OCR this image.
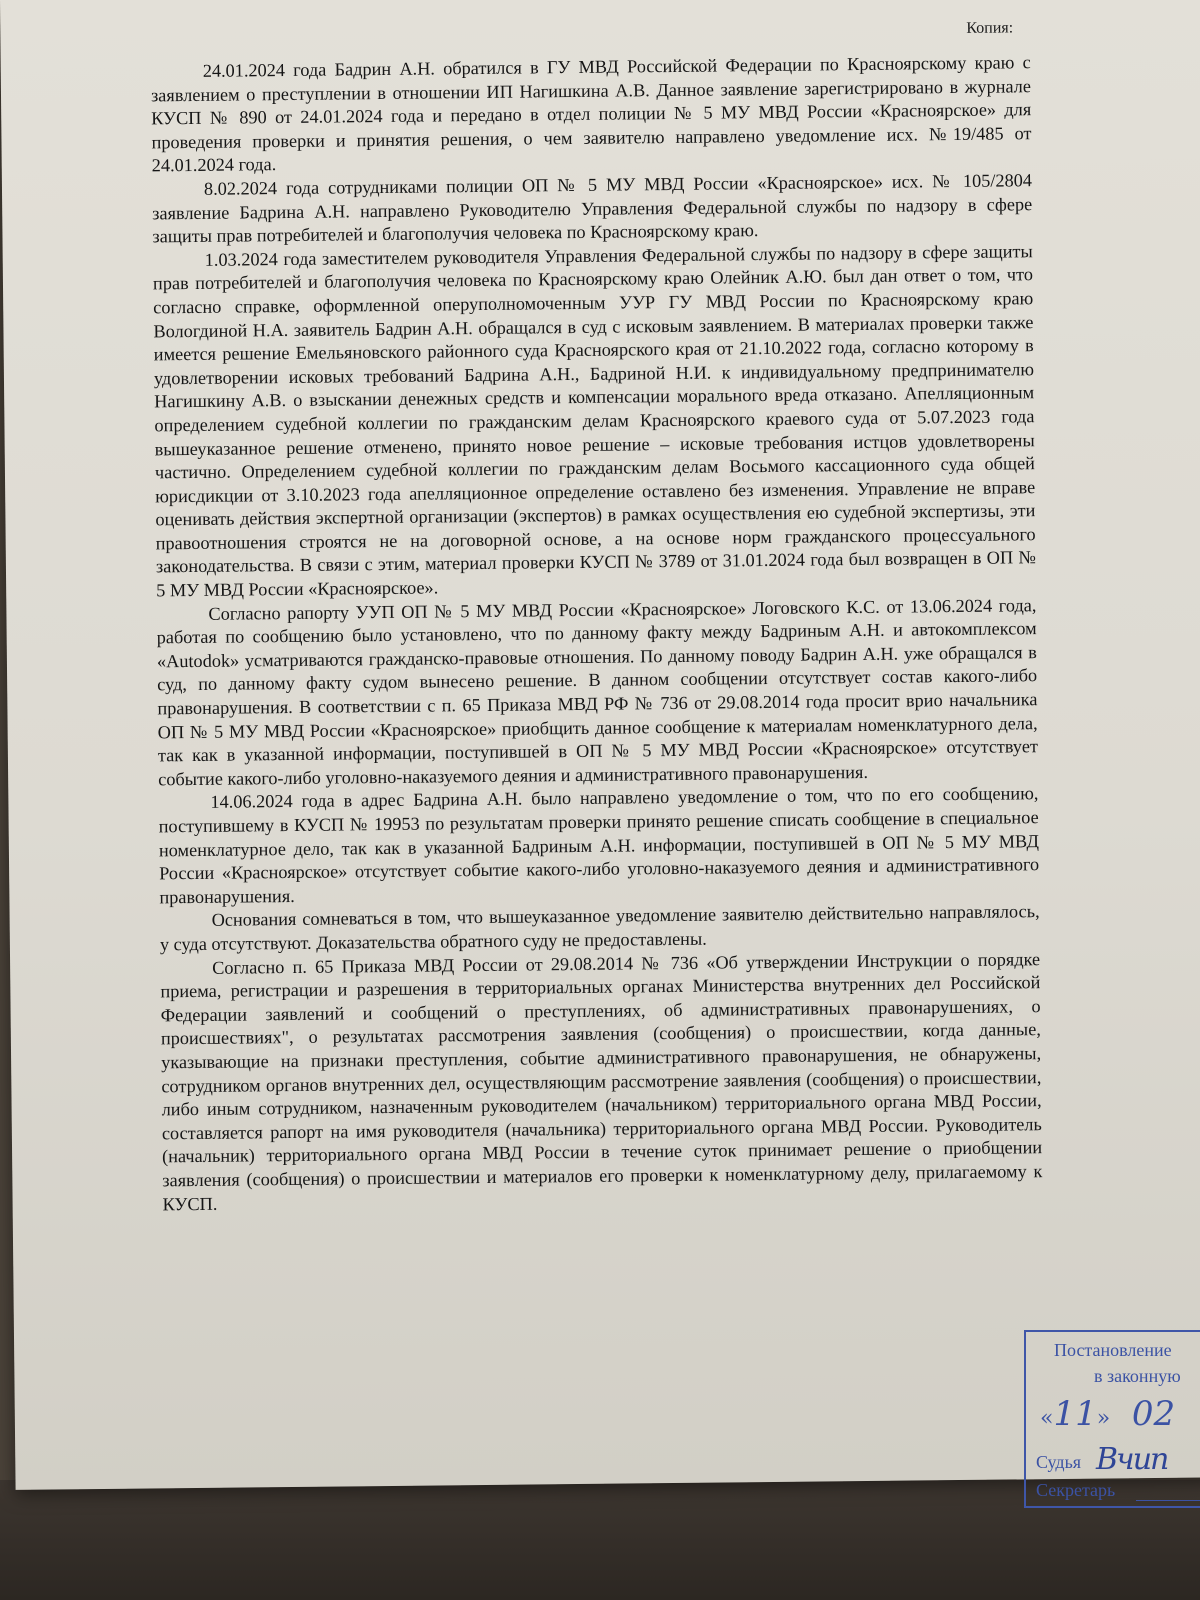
Копия:

24.01.2024 года Бадрин А.Н. обратился в ГУ МВД Российской Федерации по Красноярскому краю с заявлением о преступлении в отношении ИП Нагишкина А.В. Данное заявление зарегистрировано в журнале КУСП № 890 от 24.01.2024 года и передано в отдел полиции № 5 МУ МВД России «Красноярское» для проведения проверки и принятия решения, о чем заявителю направлено уведомление исх. №19/485 от 24.01.2024 года.

8.02.2024 года сотрудниками полиции ОП № 5 МУ МВД России «Красноярское» исх. № 105/2804 заявление Бадрина А.Н. направлено Руководителю Управления Федеральной службы по надзору в сфере защиты прав потребителей и благополучия человека по Красноярскому краю.

1.03.2024 года заместителем руководителя Управления Федеральной службы по надзору в сфере защиты прав потребителей и благополучия человека по Красноярскому краю Олейник А.Ю. был дан ответ о том, что согласно справке, оформленной оперуполномоченным УУР ГУ МВД России по Красноярскому краю Вологдиной Н.А. заявитель Бадрин А.Н. обращался в суд с исковым заявлением. В материалах проверки также имеется решение Емельяновского районного суда Красноярского края от 21.10.2022 года, согласно которому в удовлетворении исковых требований Бадрина А.Н., Бадриной Н.И. к индивидуальному предпринимателю Нагишкину А.В. о взыскании денежных средств и компенсации морального вреда отказано. Апелляционным определением судебной коллегии по гражданским делам Красноярского краевого суда от 5.07.2023 года вышеуказанное решение отменено, принято новое решение – исковые требования истцов удовлетворены частично. Определением судебной коллегии по гражданским делам Восьмого кассационного суда общей юрисдикции от 3.10.2023 года апелляционное определение оставлено без изменения. Управление не вправе оценивать действия экспертной организации (экспертов) в рамках осуществления ею судебной экспертизы, эти правоотношения строятся не на договорной основе, а на основе норм гражданского процессуального законодательства. В связи с этим, материал проверки КУСП № 3789 от 31.01.2024 года был возвращен в ОП № 5 МУ МВД России «Красноярское».

Согласно рапорту УУП ОП № 5 МУ МВД России «Красноярское» Логовского К.С. от 13.06.2024 года, работая по сообщению было установлено, что по данному факту между Бадриным А.Н. и автокомплексом «Autodok» усматриваются гражданско-правовые отношения. По данному поводу Бадрин А.Н. уже обращался в суд, по данному факту судом вынесено решение. В данном сообщении отсутствует состав какого-либо правонарушения. В соответствии с п. 65 Приказа МВД РФ № 736 от 29.08.2014 года просит врио начальника ОП № 5 МУ МВД России «Красноярское» приобщить данное сообщение к материалам номенклатурного дела, так как в указанной информации, поступившей в ОП № 5 МУ МВД России «Красноярское» отсутствует событие какого-либо уголовно-наказуемого деяния и административного правонарушения.

14.06.2024 года в адрес Бадрина А.Н. было направлено уведомление о том, что по его сообщению, поступившему в КУСП № 19953 по результатам проверки принято решение списать сообщение в специальное номенклатурное дело, так как в указанной Бадриным А.Н. информации, поступившей в ОП № 5 МУ МВД России «Красноярское» отсутствует событие какого-либо уголовно-наказуемого деяния и административного правонарушения.

Основания сомневаться в том, что вышеуказанное уведомление заявителю действительно направлялось, у суда отсутствуют. Доказательства обратного суду не предоставлены.

Согласно п. 65 Приказа МВД России от 29.08.2014 № 736 «Об утверждении Инструкции о порядке приема, регистрации и разрешения в территориальных органах Министерства внутренних дел Российской Федерации заявлений и сообщений о преступлениях, об административных правонарушениях, о происшествиях", о результатах рассмотрения заявления (сообщения) о происшествии, когда данные, указывающие на признаки преступления, событие административного правонарушения, не обнаружены, сотрудником органов внутренних дел, осуществляющим рассмотрение заявления (сообщения) о происшествии, либо иным сотрудником, назначенным руководителем (начальником) территориального органа МВД России, составляется рапорт на имя руководителя (начальника) территориального органа МВД России. Руководитель (начальник) территориального органа МВД России в течение суток принимает решение о приобщении заявления (сообщения) о происшествии и материалов его проверки к номенклатурному делу, прилагаемому к КУСП.

Постановление
в законную
«11» 02
Судья Вчип
Секретарь
